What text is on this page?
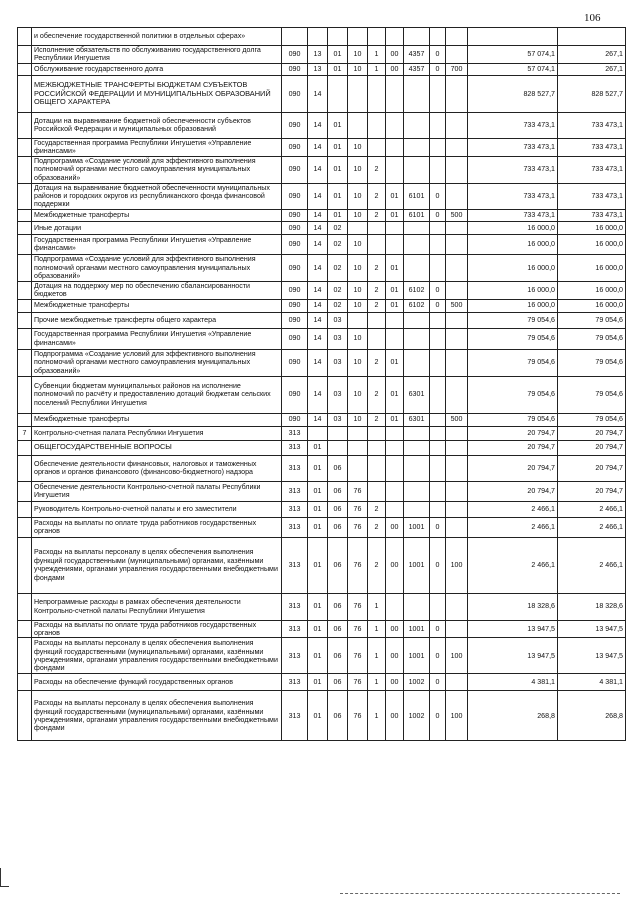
106
	и обеспечение государственной политики в отдельных сферах»											
	Исполнение обязательств по обслуживанию государственного долга Республики Ингушетия	090	13	01	10	1	00	4357	0		57 074,1	267,1
	Обслуживание государственного долга	090	13	01	10	1	00	4357	0	700	57 074,1	267,1
	МЕЖБЮДЖЕТНЫЕ ТРАНСФЕРТЫ БЮДЖЕТАМ СУБЪЕКТОВ РОССИЙСКОЙ ФЕДЕРАЦИИ И МУНИЦИПАЛЬНЫХ ОБРАЗОВАНИЙ ОБЩЕГО ХАРАКТЕРА	090	14								828 527,7	828 527,7
	Дотации на выравнивание бюджетной обеспеченности субъектов Российской Федерации и муниципальных образований	090	14	01							733 473,1	733 473,1
	Государственная программа Республики Ингушетия «Управление финансами»	090	14	01	10						733 473,1	733 473,1
	Подпрограмма «Создание условий для эффективного выполнения полномочий органами местного самоуправления муниципальных образований»	090	14	01	10	2					733 473,1	733 473,1
	Дотация на выравнивание бюджетной обеспеченности муниципальных районов и городских округов из республиканского фонда финансовой поддержки	090	14	01	10	2	01	6101	0		733 473,1	733 473,1
	Межбюджетные трансферты	090	14	01	10	2	01	6101	0	500	733 473,1	733 473,1
	Иные дотации	090	14	02							16 000,0	16 000,0
	Государственная программа Республики Ингушетия «Управление финансами»	090	14	02	10						16 000,0	16 000,0
	Подпрограмма «Создание условий для эффективного выполнения полномочий органами местного самоуправления муниципальных образований»	090	14	02	10	2	01				16 000,0	16 000,0
	Дотация на поддержку мер по обеспечению сбалансированности бюджетов	090	14	02	10	2	01	6102	0		16 000,0	16 000,0
	Межбюджетные трансферты	090	14	02	10	2	01	6102	0	500	16 000,0	16 000,0
	Прочие межбюджетные трансферты общего характера	090	14	03							79 054,6	79 054,6
	Государственная программа Республики Ингушетия «Управление финансами»	090	14	03	10						79 054,6	79 054,6
	Подпрограмма «Создание условий для эффективного выполнения полномочий органами местного самоуправления муниципальных образований»	090	14	03	10	2	01				79 054,6	79 054,6
	Субвенции бюджетам муниципальных районов на исполнение полномочий по расчёту и предоставлению дотаций бюджетам сельских поселений Республики Ингушетия	090	14	03	10	2	01	6301			79 054,6	79 054,6
	Межбюджетные трансферты	090	14	03	10	2	01	6301		500	79 054,6	79 054,6
7	Контрольно-счетная палата Республики Ингушетия	313									20 794,7	20 794,7
	ОБЩЕГОСУДАРСТВЕННЫЕ ВОПРОСЫ	313	01								20 794,7	20 794,7
	Обеспечение деятельности финансовых, налоговых и таможенных органов и органов финансового (финансово-бюджетного) надзора	313	01	06							20 794,7	20 794,7
	Обеспечение деятельности Контрольно-счетной палаты Республики Ингушетия	313	01	06	76						20 794,7	20 794,7
	Руководитель Контрольно-счетной палаты и его заместители	313	01	06	76	2					2 466,1	2 466,1
	Расходы на выплаты по оплате труда работников государственных органов	313	01	06	76	2	00	1001	0		2 466,1	2 466,1
	Расходы на выплаты персоналу в целях обеспечения выполнения функций государственными (муниципальными) органами, казёнными учреждениями, органами управления государственными внебюджетными фондами	313	01	06	76	2	00	1001	0	100	2 466,1	2 466,1
	Непрограммные расходы в рамках обеспечения деятельности Контрольно-счетной палаты Республики Ингушетия	313	01	06	76	1					18 328,6	18 328,6
	Расходы на выплаты по оплате труда работников государственных органов	313	01	06	76	1	00	1001	0		13 947,5	13 947,5
	Расходы на выплаты персоналу в целях обеспечения выполнения функций государственными (муниципальными) органами, казёнными учреждениями, органами управления государственными внебюджетными фондами	313	01	06	76	1	00	1001	0	100	13 947,5	13 947,5
	Расходы на обеспечение функций государственных органов	313	01	06	76	1	00	1002	0		4 381,1	4 381,1
	Расходы на выплаты персоналу в целях обеспечения выполнения функций государственными (муниципальными) органами, казёнными учреждениями, органами управления государственными внебюджетными фондами	313	01	06	76	1	00	1002	0	100	268,8	268,8
